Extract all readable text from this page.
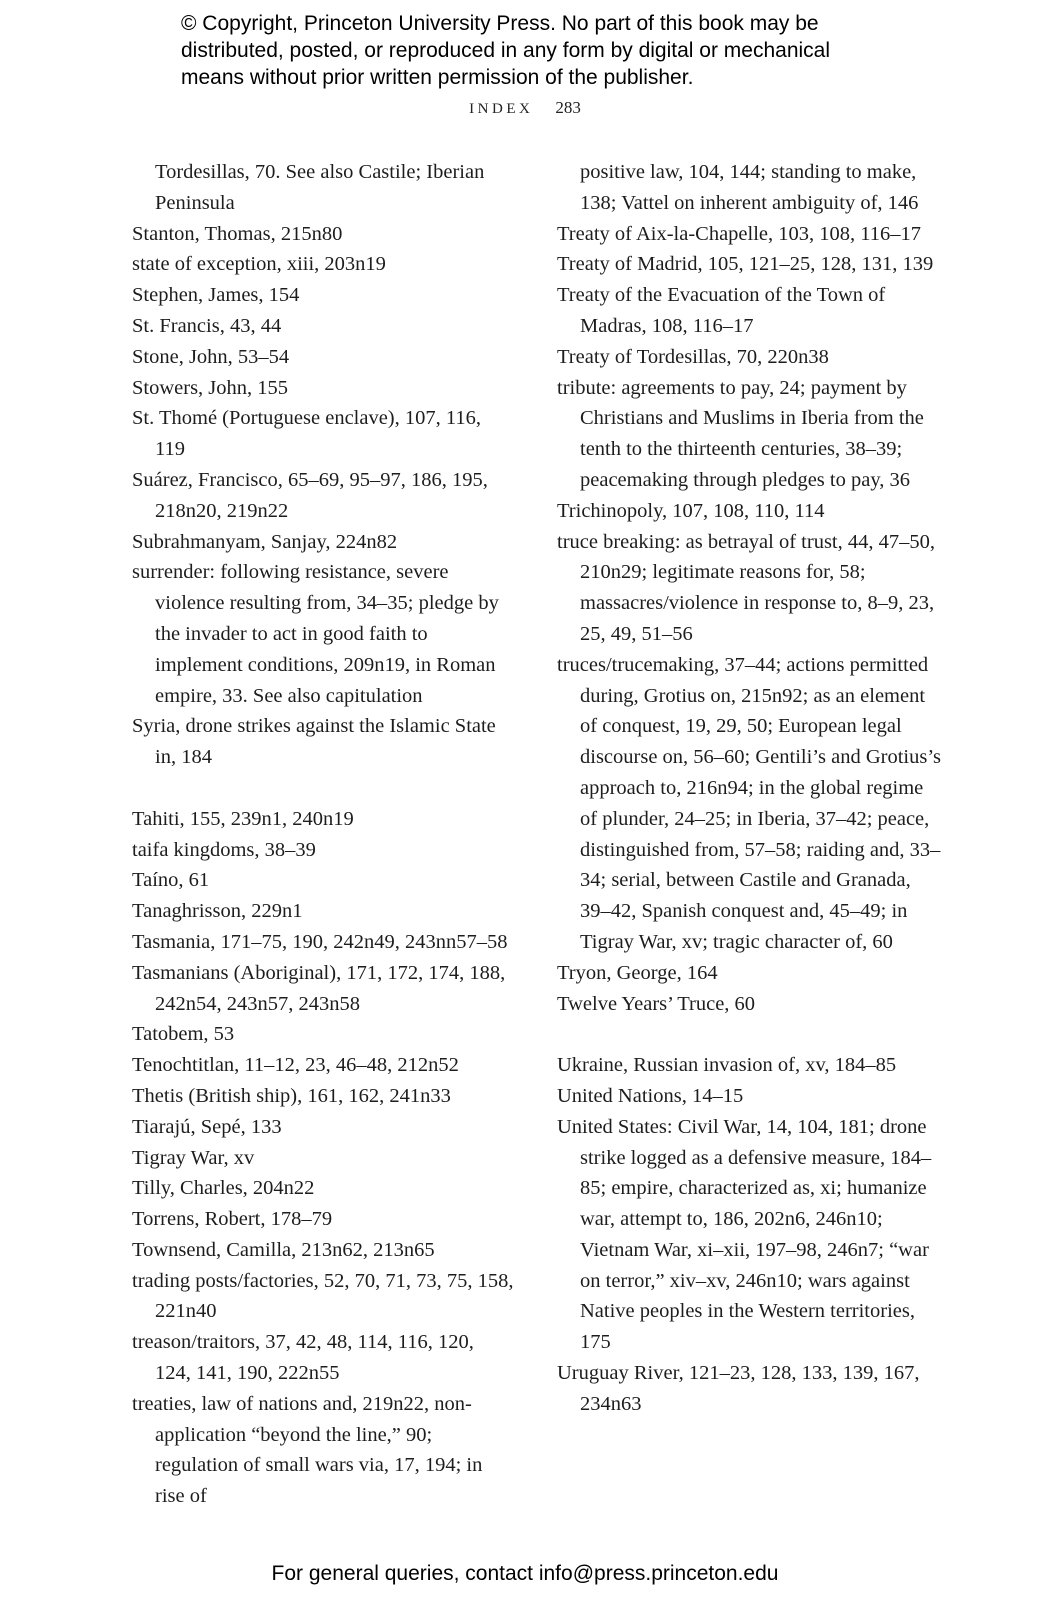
© Copyright, Princeton University Press. No part of this book may be
distributed, posted, or reproduced in any form by digital or mechanical
means without prior written permission of the publisher.
INDEX 283
Tordesillas, 70. See also Castile; Iberian Peninsula
Stanton, Thomas, 215n80
state of exception, xiii, 203n19
Stephen, James, 154
St. Francis, 43, 44
Stone, John, 53–54
Stowers, John, 155
St. Thomé (Portuguese enclave), 107, 116, 119
Suárez, Francisco, 65–69, 95–97, 186, 195, 218n20, 219n22
Subrahmanyam, Sanjay, 224n82
surrender: following resistance, severe violence resulting from, 34–35; pledge by the invader to act in good faith to implement conditions, 209n19, in Roman empire, 33. See also capitulation
Syria, drone strikes against the Islamic State in, 184
Tahiti, 155, 239n1, 240n19
taifa kingdoms, 38–39
Taíno, 61
Tanaghrisson, 229n1
Tasmania, 171–75, 190, 242n49, 243nn57–58
Tasmanians (Aboriginal), 171, 172, 174, 188, 242n54, 243n57, 243n58
Tatobem, 53
Tenochtitlan, 11–12, 23, 46–48, 212n52
Thetis (British ship), 161, 162, 241n33
Tiarajú, Sepé, 133
Tigray War, xv
Tilly, Charles, 204n22
Torrens, Robert, 178–79
Townsend, Camilla, 213n62, 213n65
trading posts/factories, 52, 70, 71, 73, 75, 158, 221n40
treason/traitors, 37, 42, 48, 114, 116, 120, 124, 141, 190, 222n55
treaties, law of nations and, 219n22, non-application “beyond the line,” 90; regulation of small wars via, 17, 194; in rise of
positive law, 104, 144; standing to make, 138; Vattel on inherent ambiguity of, 146
Treaty of Aix-la-Chapelle, 103, 108, 116–17
Treaty of Madrid, 105, 121–25, 128, 131, 139
Treaty of the Evacuation of the Town of Madras, 108, 116–17
Treaty of Tordesillas, 70, 220n38
tribute: agreements to pay, 24; payment by Christians and Muslims in Iberia from the tenth to the thirteenth centuries, 38–39; peacemaking through pledges to pay, 36
Trichinopoly, 107, 108, 110, 114
truce breaking: as betrayal of trust, 44, 47–50, 210n29; legitimate reasons for, 58; massacres/violence in response to, 8–9, 23, 25, 49, 51–56
truces/trucemaking, 37–44; actions permitted during, Grotius on, 215n92; as an element of conquest, 19, 29, 50; European legal discourse on, 56–60; Gentili’s and Grotius’s approach to, 216n94; in the global regime of plunder, 24–25; in Iberia, 37–42; peace, distinguished from, 57–58; raiding and, 33–34; serial, between Castile and Granada, 39–42, Spanish conquest and, 45–49; in Tigray War, xv; tragic character of, 60
Tryon, George, 164
Twelve Years’ Truce, 60
Ukraine, Russian invasion of, xv, 184–85
United Nations, 14–15
United States: Civil War, 14, 104, 181; drone strike logged as a defensive measure, 184–85; empire, characterized as, xi; humanize war, attempt to, 186, 202n6, 246n10; Vietnam War, xi–xii, 197–98, 246n7; “war on terror,” xiv–xv, 246n10; wars against Native peoples in the Western territories, 175
Uruguay River, 121–23, 128, 133, 139, 167, 234n63
For general queries, contact info@press.princeton.edu
